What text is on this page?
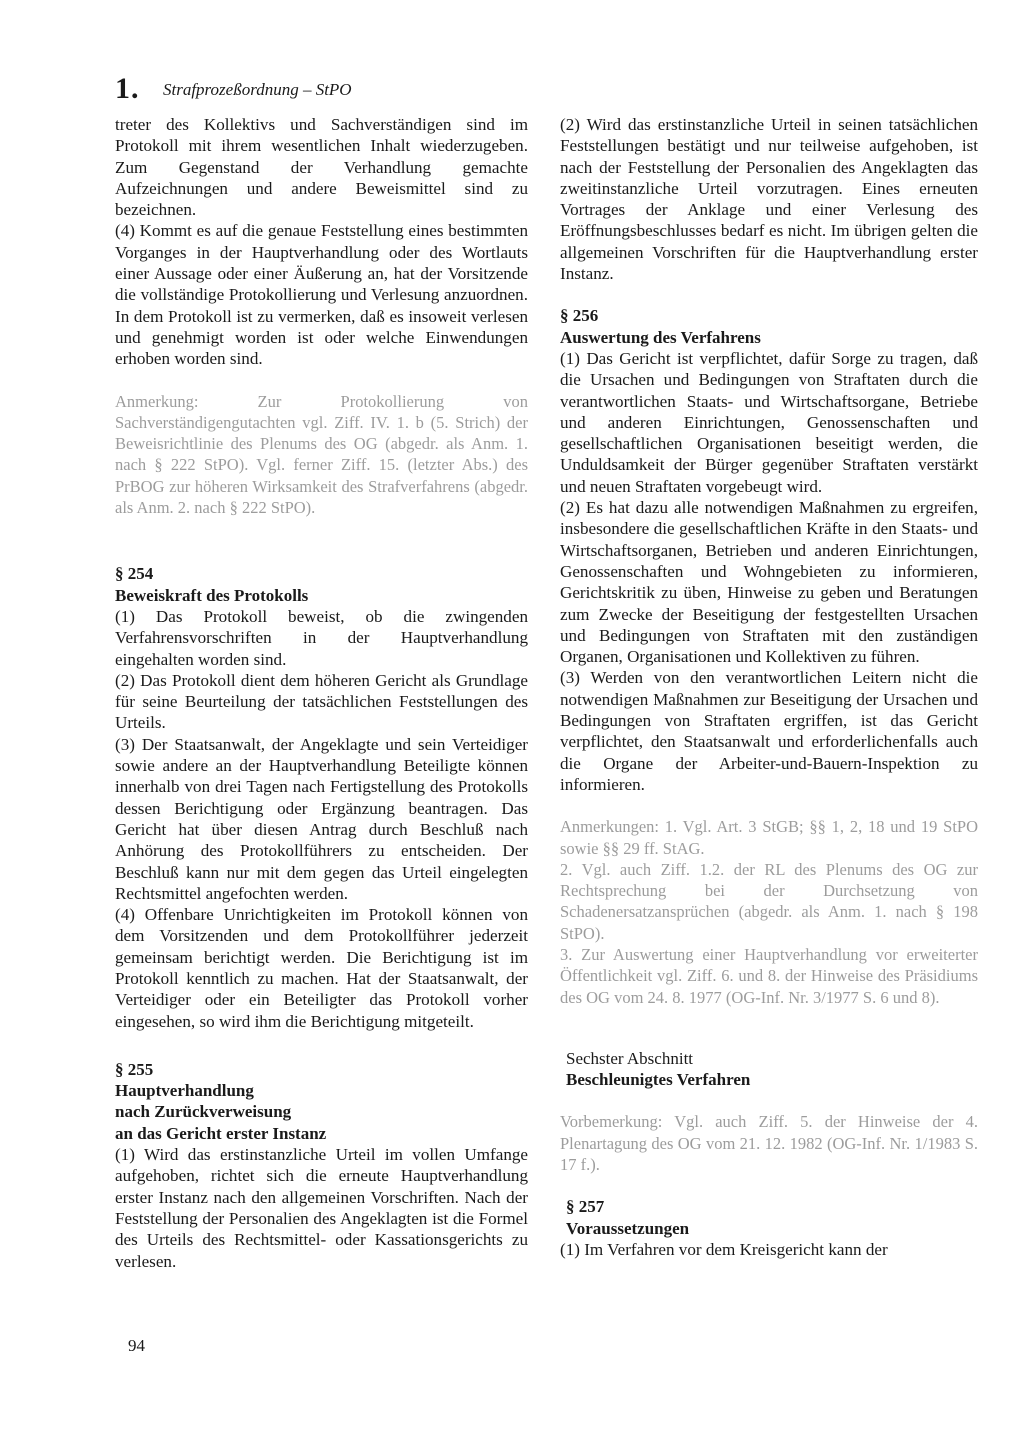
1. Strafprozeßordnung – StPO

treter des Kollektivs und Sachverständigen sind im Protokoll mit ihrem wesentlichen Inhalt wiederzugeben. Zum Gegenstand der Verhandlung gemachte Aufzeichnungen und andere Beweismittel sind zu bezeichnen.

(4) Kommt es auf die genaue Feststellung eines bestimmten Vorganges in der Hauptverhandlung oder des Wortlauts einer Aussage oder einer Äußerung an, hat der Vorsitzende die vollständige Protokollierung und Verlesung anzuordnen. In dem Protokoll ist zu vermerken, daß es insoweit verlesen und genehmigt worden ist oder welche Einwendungen erhoben worden sind.

Anmerkung: Zur Protokollierung von Sachverständigengutachten vgl. Ziff. IV. 1. b (5. Strich) der Beweisrichtlinie des Plenums des OG (abgedr. als Anm. 1. nach § 222 StPO). Vgl. ferner Ziff. 15. (letzter Abs.) des PrBOG zur höheren Wirksamkeit des Strafverfahrens (abgedr. als Anm. 2. nach § 222 StPO).

§ 254
Beweiskraft des Protokolls

(1) Das Protokoll beweist, ob die zwingenden Verfahrensvorschriften in der Hauptverhandlung eingehalten worden sind.

(2) Das Protokoll dient dem höheren Gericht als Grundlage für seine Beurteilung der tatsächlichen Feststellungen des Urteils.

(3) Der Staatsanwalt, der Angeklagte und sein Verteidiger sowie andere an der Hauptverhandlung Beteiligte können innerhalb von drei Tagen nach Fertigstellung des Protokolls dessen Berichtigung oder Ergänzung beantragen. Das Gericht hat über diesen Antrag durch Beschluß nach Anhörung des Protokollführers zu entscheiden. Der Beschluß kann nur mit dem gegen das Urteil eingelegten Rechtsmittel angefochten werden.

(4) Offenbare Unrichtigkeiten im Protokoll können von dem Vorsitzenden und dem Protokollführer jederzeit gemeinsam berichtigt werden. Die Berichtigung ist im Protokoll kenntlich zu machen. Hat der Staatsanwalt, der Verteidiger oder ein Beteiligter das Protokoll vorher eingesehen, so wird ihm die Berichtigung mitgeteilt.

§ 255
Hauptverhandlung
nach Zurückverweisung
an das Gericht erster Instanz

(1) Wird das erstinstanzliche Urteil im vollen Umfange aufgehoben, richtet sich die erneute Hauptverhandlung erster Instanz nach den allgemeinen Vorschriften. Nach der Feststellung der Personalien des Angeklagten ist die Formel des Urteils des Rechtsmittel- oder Kassationsgerichts zu verlesen.

(2) Wird das erstinstanzliche Urteil in seinen tatsächlichen Feststellungen bestätigt und nur teilweise aufgehoben, ist nach der Feststellung der Personalien des Angeklagten das zweitinstanzliche Urteil vorzutragen. Eines erneuten Vortrages der Anklage und einer Verlesung des Eröffnungsbeschlusses bedarf es nicht. Im übrigen gelten die allgemeinen Vorschriften für die Hauptverhandlung erster Instanz.

§ 256
Auswertung des Verfahrens

(1) Das Gericht ist verpflichtet, dafür Sorge zu tragen, daß die Ursachen und Bedingungen von Straftaten durch die verantwortlichen Staats- und Wirtschaftsorgane, Betriebe und anderen Einrichtungen, Genossenschaften und gesellschaftlichen Organisationen beseitigt werden, die Unduldsamkeit der Bürger gegenüber Straftaten verstärkt und neuen Straftaten vorgebeugt wird.

(2) Es hat dazu alle notwendigen Maßnahmen zu ergreifen, insbesondere die gesellschaftlichen Kräfte in den Staats- und Wirtschaftsorganen, Betrieben und anderen Einrichtungen, Genossenschaften und Wohngebieten zu informieren, Gerichtskritik zu üben, Hinweise zu geben und Beratungen zum Zwecke der Beseitigung der festgestellten Ursachen und Bedingungen von Straftaten mit den zuständigen Organen, Organisationen und Kollektiven zu führen.

(3) Werden von den verantwortlichen Leitern nicht die notwendigen Maßnahmen zur Beseitigung der Ursachen und Bedingungen von Straftaten ergriffen, ist das Gericht verpflichtet, den Staatsanwalt und erforderlichenfalls auch die Organe der Arbeiter-und-Bauern-Inspektion zu informieren.

Anmerkungen: 1. Vgl. Art. 3 StGB; §§ 1, 2, 18 und 19 StPO sowie §§ 29 ff. StAG.

2. Vgl. auch Ziff. 1.2. der RL des Plenums des OG zur Rechtsprechung bei der Durchsetzung von Schadenersatzansprüchen (abgedr. als Anm. 1. nach § 198 StPO).

3. Zur Auswertung einer Hauptverhandlung vor erweiterter Öffentlichkeit vgl. Ziff. 6. und 8. der Hinweise des Präsidiums des OG vom 24. 8. 1977 (OG-Inf. Nr. 3/1977 S. 6 und 8).

Sechster Abschnitt
Beschleunigtes Verfahren

Vorbemerkung: Vgl. auch Ziff. 5. der Hinweise der 4. Plenartagung des OG vom 21. 12. 1982 (OG-Inf. Nr. 1/1983 S. 17 f.).

§ 257
Voraussetzungen

(1) Im Verfahren vor dem Kreisgericht kann der

94
